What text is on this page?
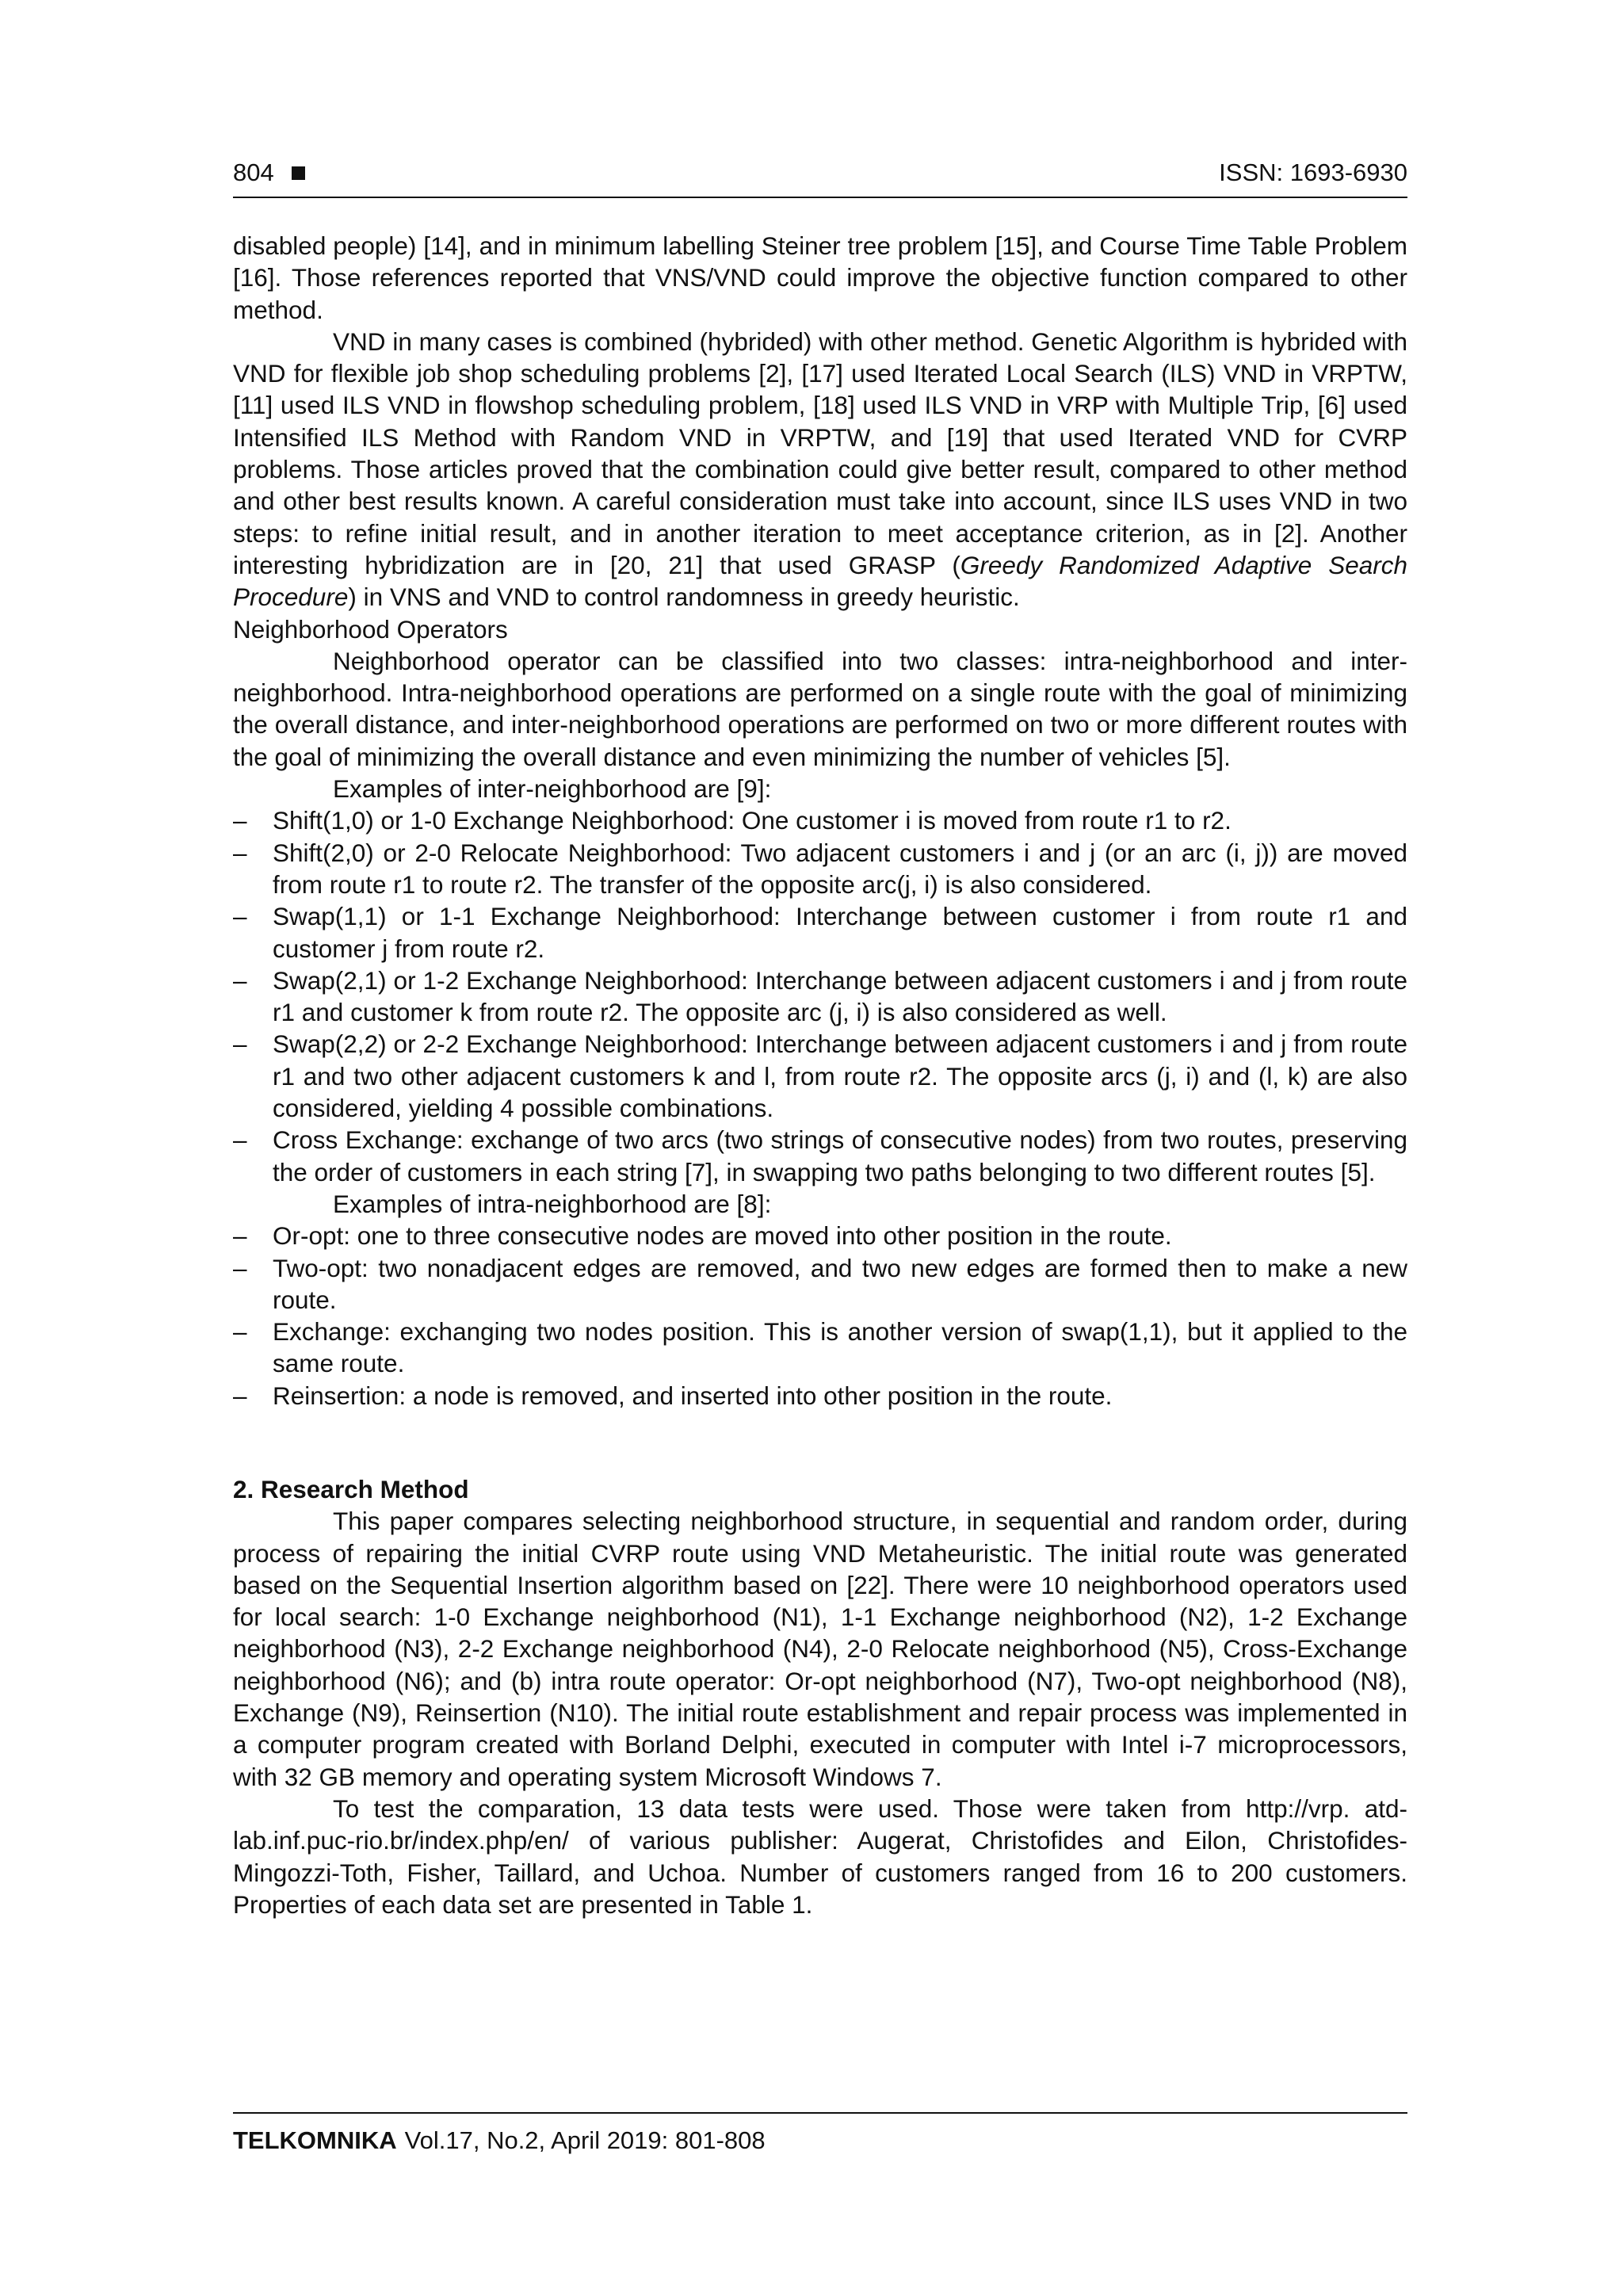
804	ISSN: 1693-6930

disabled people) [14], and in minimum labelling Steiner tree problem [15], and Course Time Table Problem [16]. Those references reported that VNS/VND could improve the objective function compared to other method.

VND in many cases is combined (hybrided) with other method. Genetic Algorithm is hybrided with VND for flexible job shop scheduling problems [2], [17] used Iterated Local Search (ILS) VND in VRPTW, [11] used ILS VND in flowshop scheduling problem, [18] used ILS VND in VRP with Multiple Trip, [6] used Intensified ILS Method with Random VND in VRPTW, and [19] that used Iterated VND for CVRP problems. Those articles proved that the combination could give better result, compared to other method and other best results known. A careful consideration must take into account, since ILS uses VND in two steps: to refine initial result, and in another iteration to meet acceptance criterion, as in [2]. Another interesting hybridization are in [20, 21] that used GRASP (Greedy Randomized Adaptive Search Procedure) in VNS and VND to control randomness in greedy heuristic.

Neighborhood Operators

Neighborhood operator can be classified into two classes: intra-neighborhood and inter-neighborhood. Intra-neighborhood operations are performed on a single route with the goal of minimizing the overall distance, and inter-neighborhood operations are performed on two or more different routes with the goal of minimizing the overall distance and even minimizing the number of vehicles [5].

Examples of inter-neighborhood are [9]:

– Shift(1,0) or 1-0 Exchange Neighborhood: One customer i is moved from route r1 to r2.
– Shift(2,0) or 2-0 Relocate Neighborhood: Two adjacent customers i and j (or an arc (i, j)) are moved from route r1 to route r2. The transfer of the opposite arc(j, i) is also considered.
– Swap(1,1) or 1-1 Exchange Neighborhood: Interchange between customer i from route r1 and customer j from route r2.
– Swap(2,1) or 1-2 Exchange Neighborhood: Interchange between adjacent customers i and j from route r1 and customer k from route r2. The opposite arc (j, i) is also considered as well.
– Swap(2,2) or 2-2 Exchange Neighborhood: Interchange between adjacent customers i and j from route r1 and two other adjacent customers k and l, from route r2. The opposite arcs (j, i) and (l, k) are also considered, yielding 4 possible combinations.
– Cross Exchange: exchange of two arcs (two strings of consecutive nodes) from two routes, preserving the order of customers in each string [7], in swapping two paths belonging to two different routes [5].

Examples of intra-neighborhood are [8]:

– Or-opt: one to three consecutive nodes are moved into other position in the route.
– Two-opt: two nonadjacent edges are removed, and two new edges are formed then to make a new route.
– Exchange: exchanging two nodes position. This is another version of swap(1,1), but it applied to the same route.
– Reinsertion: a node is removed, and inserted into other position in the route.

2. Research Method

This paper compares selecting neighborhood structure, in sequential and random order, during process of repairing the initial CVRP route using VND Metaheuristic. The initial route was generated based on the Sequential Insertion algorithm based on [22]. There were 10 neighborhood operators used for local search: 1-0 Exchange neighborhood (N1), 1-1 Exchange neighborhood (N2), 1-2 Exchange neighborhood (N3), 2-2 Exchange neighborhood (N4), 2-0 Relocate neighborhood (N5), Cross-Exchange neighborhood (N6); and (b) intra route operator: Or-opt neighborhood (N7), Two-opt neighborhood (N8), Exchange (N9), Reinsertion (N10). The initial route establishment and repair process was implemented in a computer program created with Borland Delphi, executed in computer with Intel i-7 microprocessors, with 32 GB memory and operating system Microsoft Windows 7.

To test the comparation, 13 data tests were used. Those were taken from http://vrp. atd-lab.inf.puc-rio.br/index.php/en/ of various publisher: Augerat, Christofides and Eilon, Christofides-Mingozzi-Toth, Fisher, Taillard, and Uchoa. Number of customers ranged from 16 to 200 customers. Properties of each data set are presented in Table 1.

TELKOMNIKA Vol.17, No.2, April 2019: 801-808
